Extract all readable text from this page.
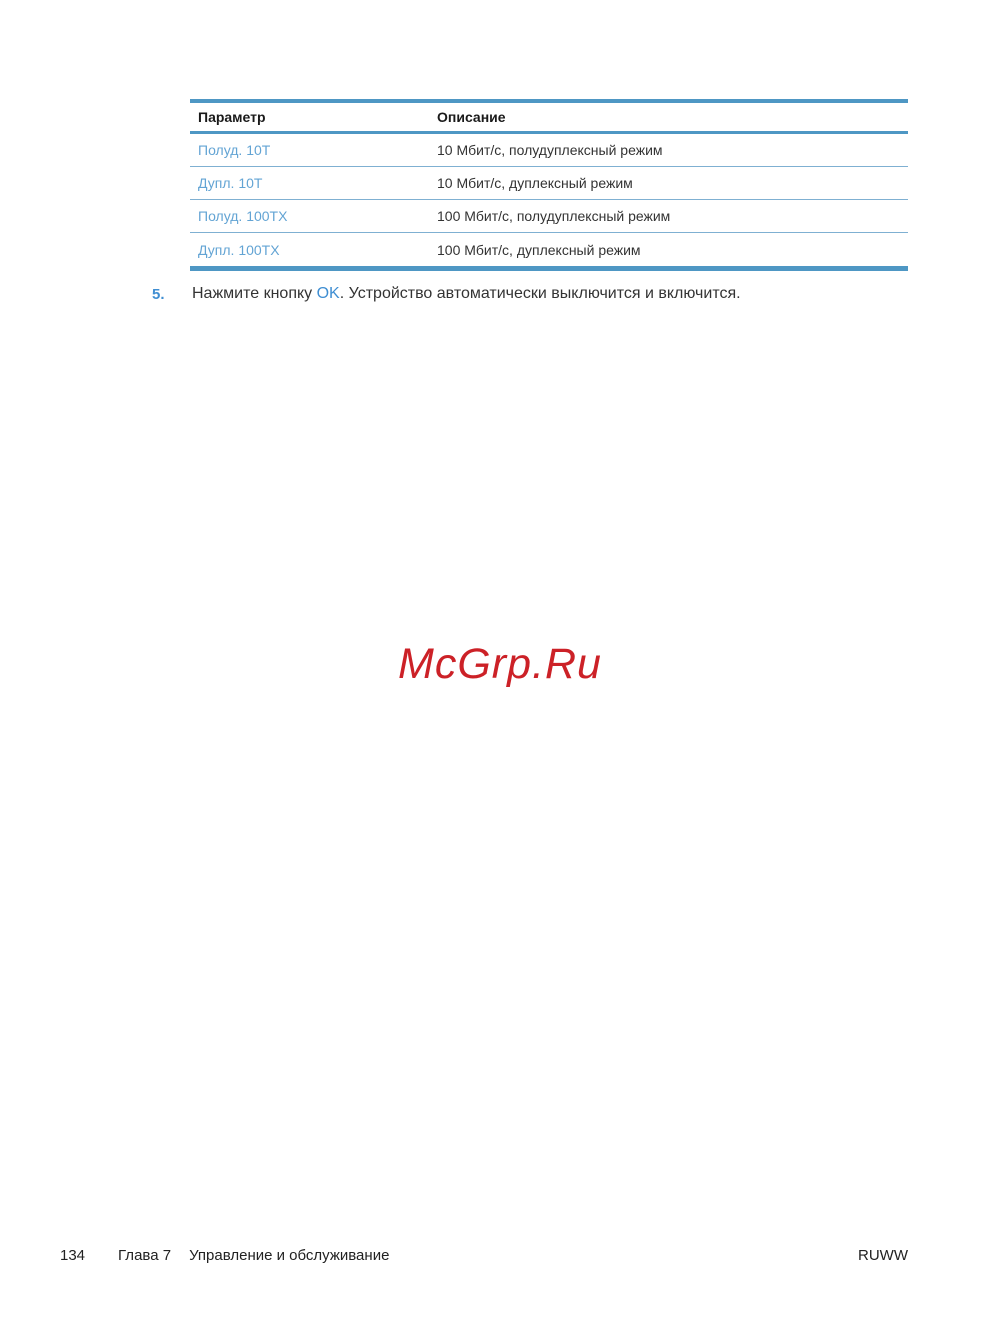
Параметр	Описание
Полуд. 10T	10 Мбит/с, полудуплексный режим
Дупл. 10T	10 Мбит/с, дуплексный режим
Полуд. 100TX	100 Мбит/с, полудуплексный режим
Дупл. 100TX	100 Мбит/с, дуплексный режим
5.	Нажмите кнопку OK. Устройство автоматически выключится и включится.
McGrp.Ru
134 Глава 7 Управление и обслуживание	RUWW
